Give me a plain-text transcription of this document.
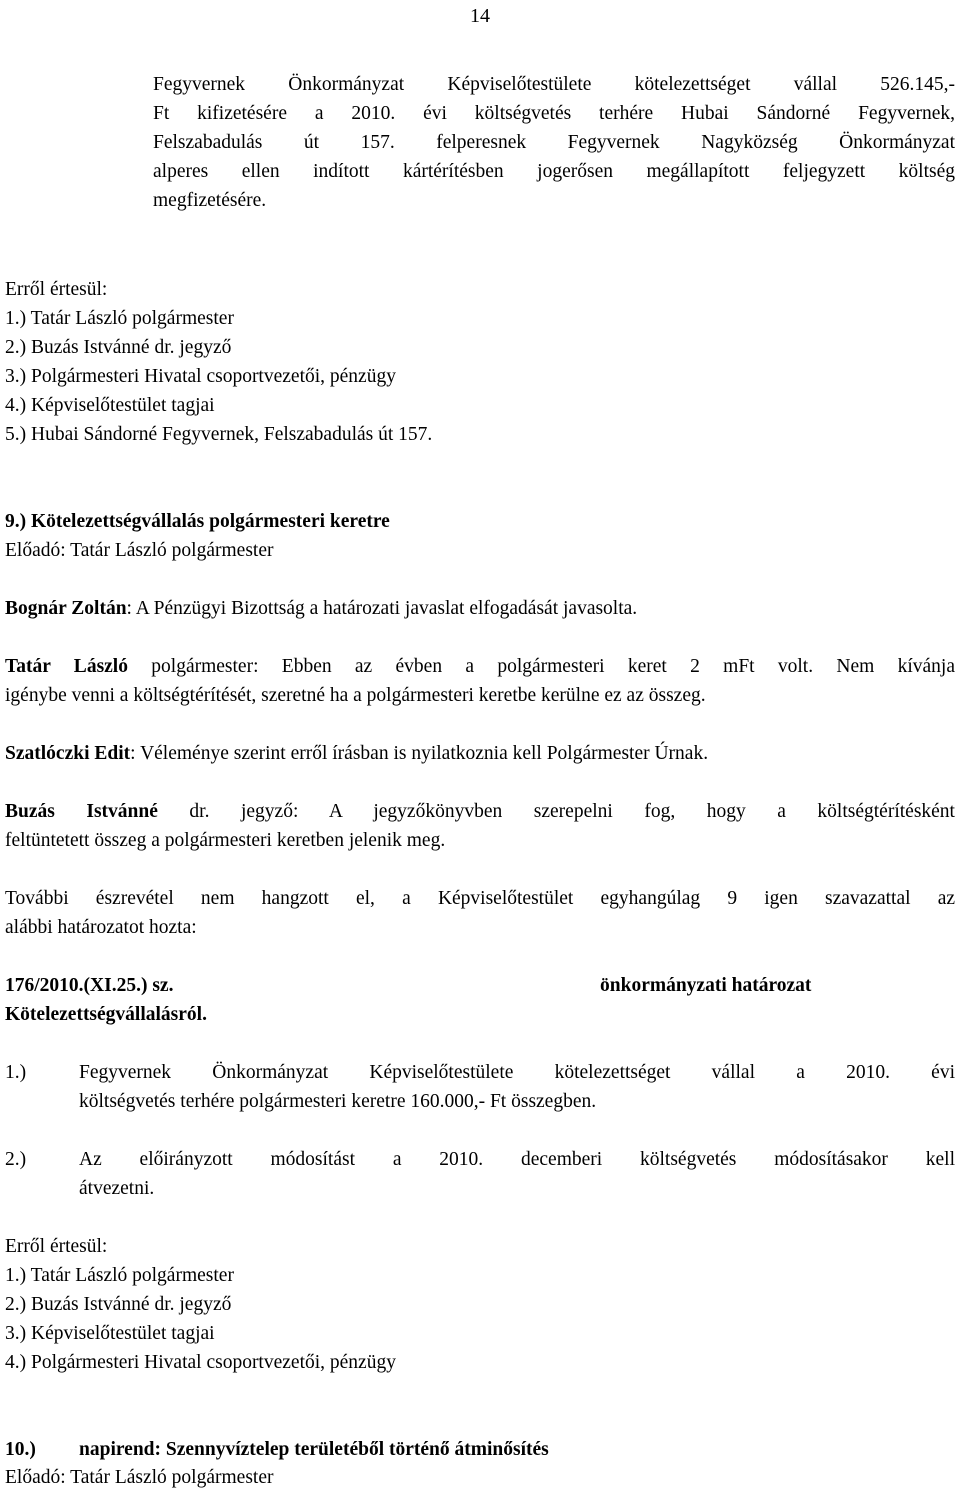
14
Fegyvernek Önkormányzat Képviselőtestülete kötelezettséget vállal 526.145,-
Ft kifizetésére a 2010. évi költségvetés terhére Hubai Sándorné Fegyvernek,
Felszabadulás út 157. felperesnek Fegyvernek Nagyközség Önkormányzat
alperes ellen indított kártérítésben jogerősen megállapított feljegyzett költség
megfizetésére.
Erről értesül:
1.) Tatár László polgármester
2.) Buzás Istvánné dr. jegyző
3.) Polgármesteri Hivatal csoportvezetői, pénzügy
4.) Képviselőtestület tagjai
5.) Hubai Sándorné Fegyvernek, Felszabadulás út 157.
9.) Kötelezettségvállalás polgármesteri keretre
Előadó: Tatár László polgármester
Bognár Zoltán: A Pénzügyi Bizottság a határozati javaslat elfogadását javasolta.
Tatár László polgármester: Ebben az évben a polgármesteri keret 2 mFt volt. Nem kívánja
igénybe venni a költségtérítését, szeretné ha a polgármesteri keretbe kerülne ez az összeg.
Szatlóczki Edit: Véleménye szerint erről írásban is nyilatkoznia kell Polgármester Úrnak.
Buzás Istvánné dr. jegyző: A jegyzőkönyvben szerepelni fog, hogy a költségtérítésként
feltüntetett összeg a polgármesteri keretben jelenik meg.
További észrevétel nem hangzott el, a Képviselőtestület egyhangúlag 9 igen szavazattal az
alábbi határozatot hozta:
176/2010.(XI.25.) sz.	önkormányzati határozat
Kötelezettségvállalásról.
1.)	Fegyvernek Önkormányzat Képviselőtestülete kötelezettséget vállal a 2010. évi
költségvetés terhére polgármesteri keretre 160.000,- Ft összegben.
2.)	Az előirányzott módosítást a 2010. decemberi költségvetés módosításakor kell
átvezetni.
Erről értesül:
1.) Tatár László polgármester
2.) Buzás Istvánné dr. jegyző
3.) Képviselőtestület tagjai
4.) Polgármesteri Hivatal csoportvezetői, pénzügy
10.) napirend: Szennyvíztelep területéből történő átminősítés
Előadó: Tatár László polgármester
